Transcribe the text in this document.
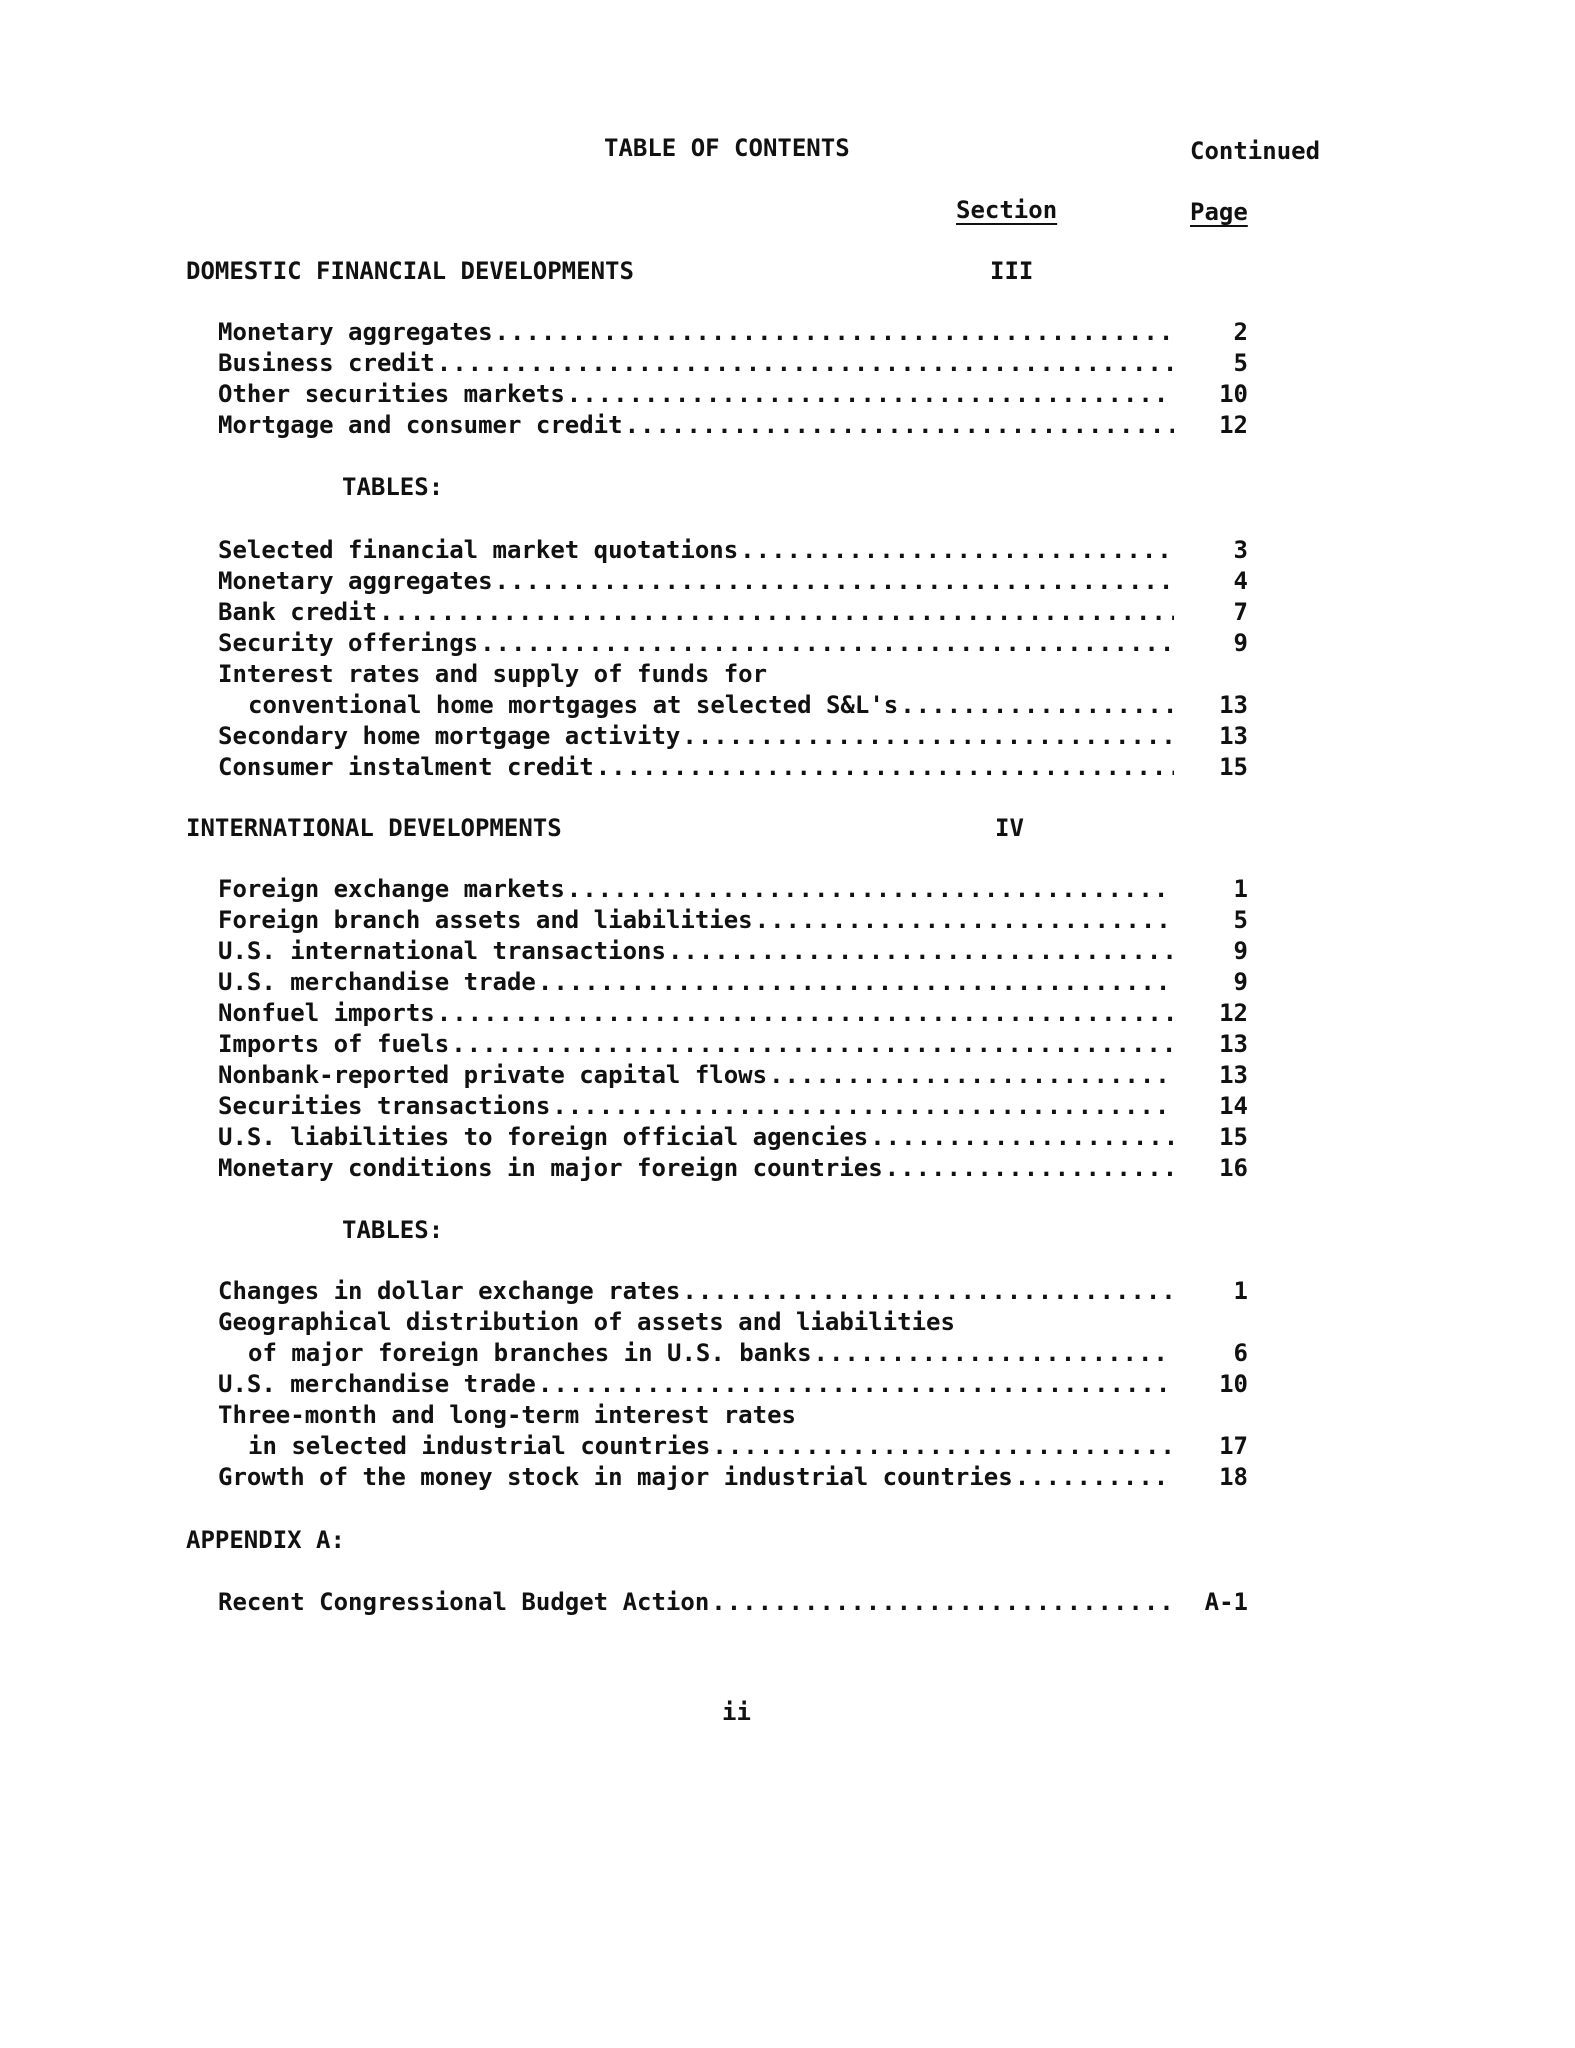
TABLE OF CONTENTS	Continued
Section	Page
DOMESTIC FINANCIAL DEVELOPMENTS	III
Monetary aggregates .....	2
Business credit .....	5
Other securities markets .....	10
Mortgage and consumer credit .....	12
TABLES:
Selected financial market quotations .....	3
Monetary aggregates .....	4
Bank credit .....	7
Security offerings .....	9
Interest rates and supply of funds for
conventional home mortgages at selected S&L's .....	13
Secondary home mortgage activity .....	13
Consumer instalment credit .....	15
INTERNATIONAL DEVELOPMENTS	IV
Foreign exchange markets .....	1
Foreign branch assets and liabilities .....	5
U.S. international transactions .....	9
U.S. merchandise trade .....	9
Nonfuel imports .....	12
Imports of fuels .....	13
Nonbank-reported private capital flows .....	13
Securities transactions .....	14
U.S. liabilities to foreign official agencies .....	15
Monetary conditions in major foreign countries .....	16
TABLES:
Changes in dollar exchange rates .....	1
Geographical distribution of assets and liabilities
of major foreign branches in U.S. banks .....	6
U.S. merchandise trade .....	10
Three-month and long-term interest rates
in selected industrial countries .....	17
Growth of the money stock in major industrial countries .....	18
APPENDIX A:
Recent Congressional Budget Action .....	A-1
ii
